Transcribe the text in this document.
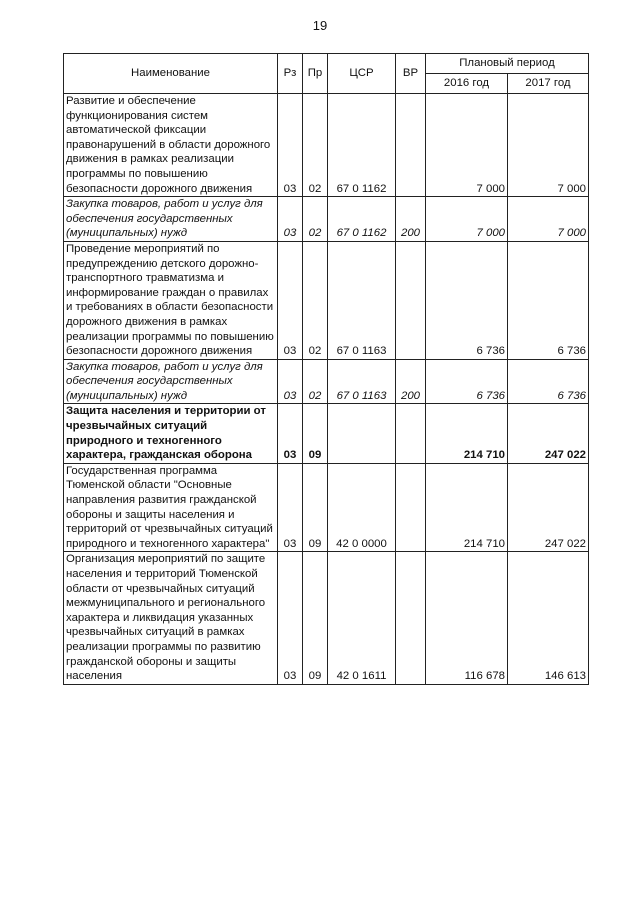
19
Наименование	Рз	Пр	ЦСР	ВР	Плановый период	
					2016 год	2017 год
Развитие и обеспечение функционирования систем автоматической фиксации правонарушений в области дорожного движения в рамках реализации программы по повышению безопасности дорожного движения	03	02	67 0 1162		7 000	7 000
Закупка товаров, работ и услуг для обеспечения государственных (муниципальных) нужд	03	02	67 0 1162	200	7 000	7 000
Проведение мероприятий по предупреждению детского дорожно-транспортного травматизма и информирование граждан о правилах и требованиях в области безопасности дорожного движения в рамках реализации программы по повышению безопасности дорожного движения	03	02	67 0 1163		6 736	6 736
Закупка товаров, работ и услуг для обеспечения государственных (муниципальных) нужд	03	02	67 0 1163	200	6 736	6 736
Защита населения и территории от чрезвычайных ситуаций природного и техногенного характера, гражданская оборона	03	09			214 710	247 022
Государственная программа Тюменской области "Основные направления развития гражданской обороны и защиты населения и территорий от чрезвычайных ситуаций природного и техногенного характера"	03	09	42 0 0000		214 710	247 022
Организация мероприятий по защите населения и территорий Тюменской области от чрезвычайных ситуаций межмуниципального и регионального характера и ликвидация указанных чрезвычайных ситуаций в рамках реализации программы по развитию гражданской обороны и защиты населения	03	09	42 0 1611		116 678	146 613
